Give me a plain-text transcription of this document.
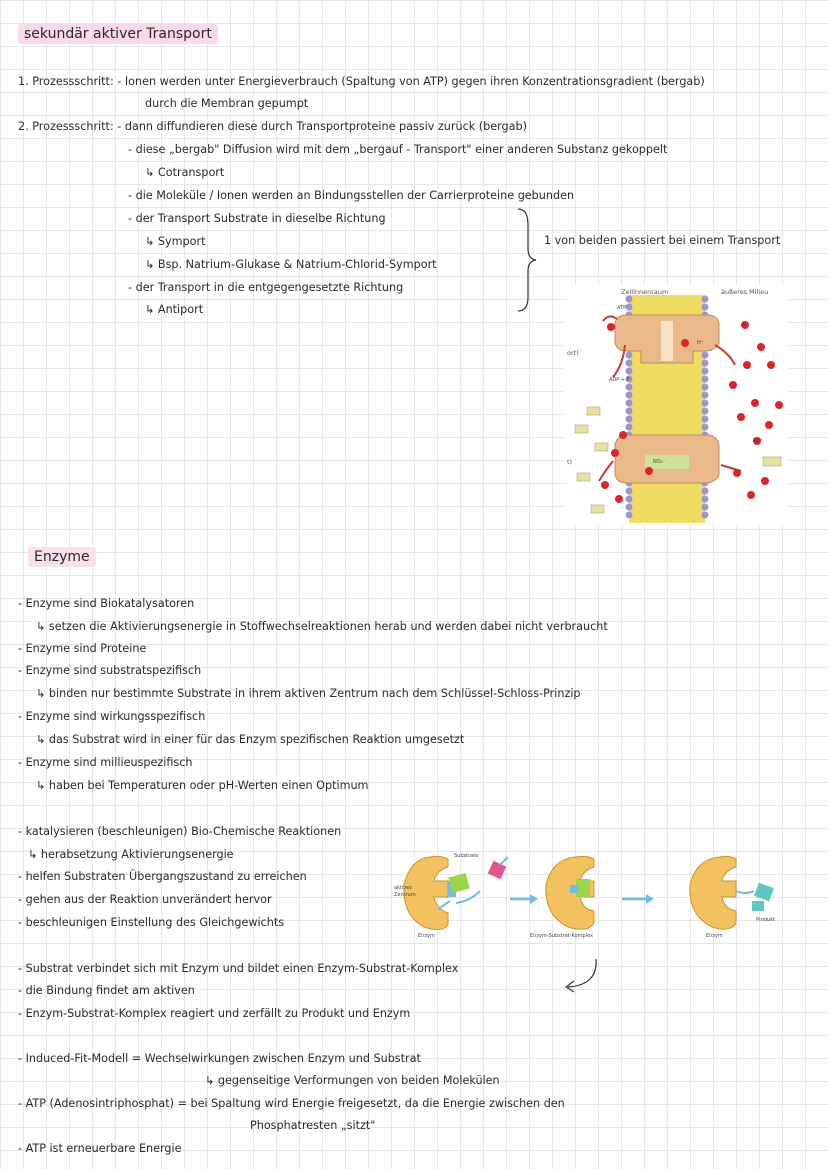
sekundär aktiver Transport
1. Prozessschritt: - Ionen werden unter Energieverbrauch (Spaltung von ATP) gegen ihren Konzentrationsgradient (bergab)
durch die Membran gepumpt
2. Prozessschritt: - dann diffundieren diese durch Transportproteine passiv zurück (bergab)
- diese „bergab" Diffusion wird mit dem „bergauf - Transport" einer anderen Substanz gekoppelt
↳ Cotransport
- die Moleküle / Ionen werden an Bindungsstellen der Carrierproteine gebunden
- der Transport Substrate in dieselbe Richtung
↳ Symport
↳ Bsp. Natrium-Glukase & Natrium-Chlorid-Symport
- der Transport in die entgegengesetzte Richtung
↳ Antiport
1 von beiden passiert bei einem Transport
Zellinnenraum	äußeres Milieu
ATP
ADP + P
H⁺
NO₃⁻
K⁺
Na⁺
ort)
t)
Enzyme
- Enzyme sind Biokatalysatoren
↳ setzen die Aktivierungsenergie in Stoffwechselreaktionen herab und werden dabei nicht verbraucht
- Enzyme sind Proteine
- Enzyme sind substratspezifisch
↳ binden nur bestimmte Substrate in ihrem aktiven Zentrum nach dem Schlüssel-Schloss-Prinzip
- Enzyme sind wirkungsspezifisch
↳ das Substrat wird in einer für das Enzym spezifischen Reaktion umgesetzt
- Enzyme sind millieuspezifisch
↳ haben bei Temperaturen oder pH-Werten einen Optimum
- katalysieren (beschleunigen) Bio-Chemische Reaktionen
↳ herabsetzung Aktivierungsenergie
- helfen Substraten Übergangszustand zu erreichen
- gehen aus der Reaktion unverändert hervor
- beschleunigen Einstellung des Gleichgewichts
Substrate
aktives
Zentrum
Enzym	Enzym-Substrat-Komplex	Enzym
Produkt
- Substrat verbindet sich mit Enzym und bildet einen Enzym-Substrat-Komplex
- die Bindung findet am aktiven
- Enzym-Substrat-Komplex reagiert und zerfällt zu Produkt und Enzym
- Induced-Fit-Modell = Wechselwirkungen zwischen Enzym und Substrat
↳ gegenseitige Verformungen von beiden Molekülen
- ATP (Adenosintriphosphat) = bei Spaltung wird Energie freigesetzt, da die Energie zwischen den
Phosphatresten „sitzt"
- ATP ist erneuerbare Energie
